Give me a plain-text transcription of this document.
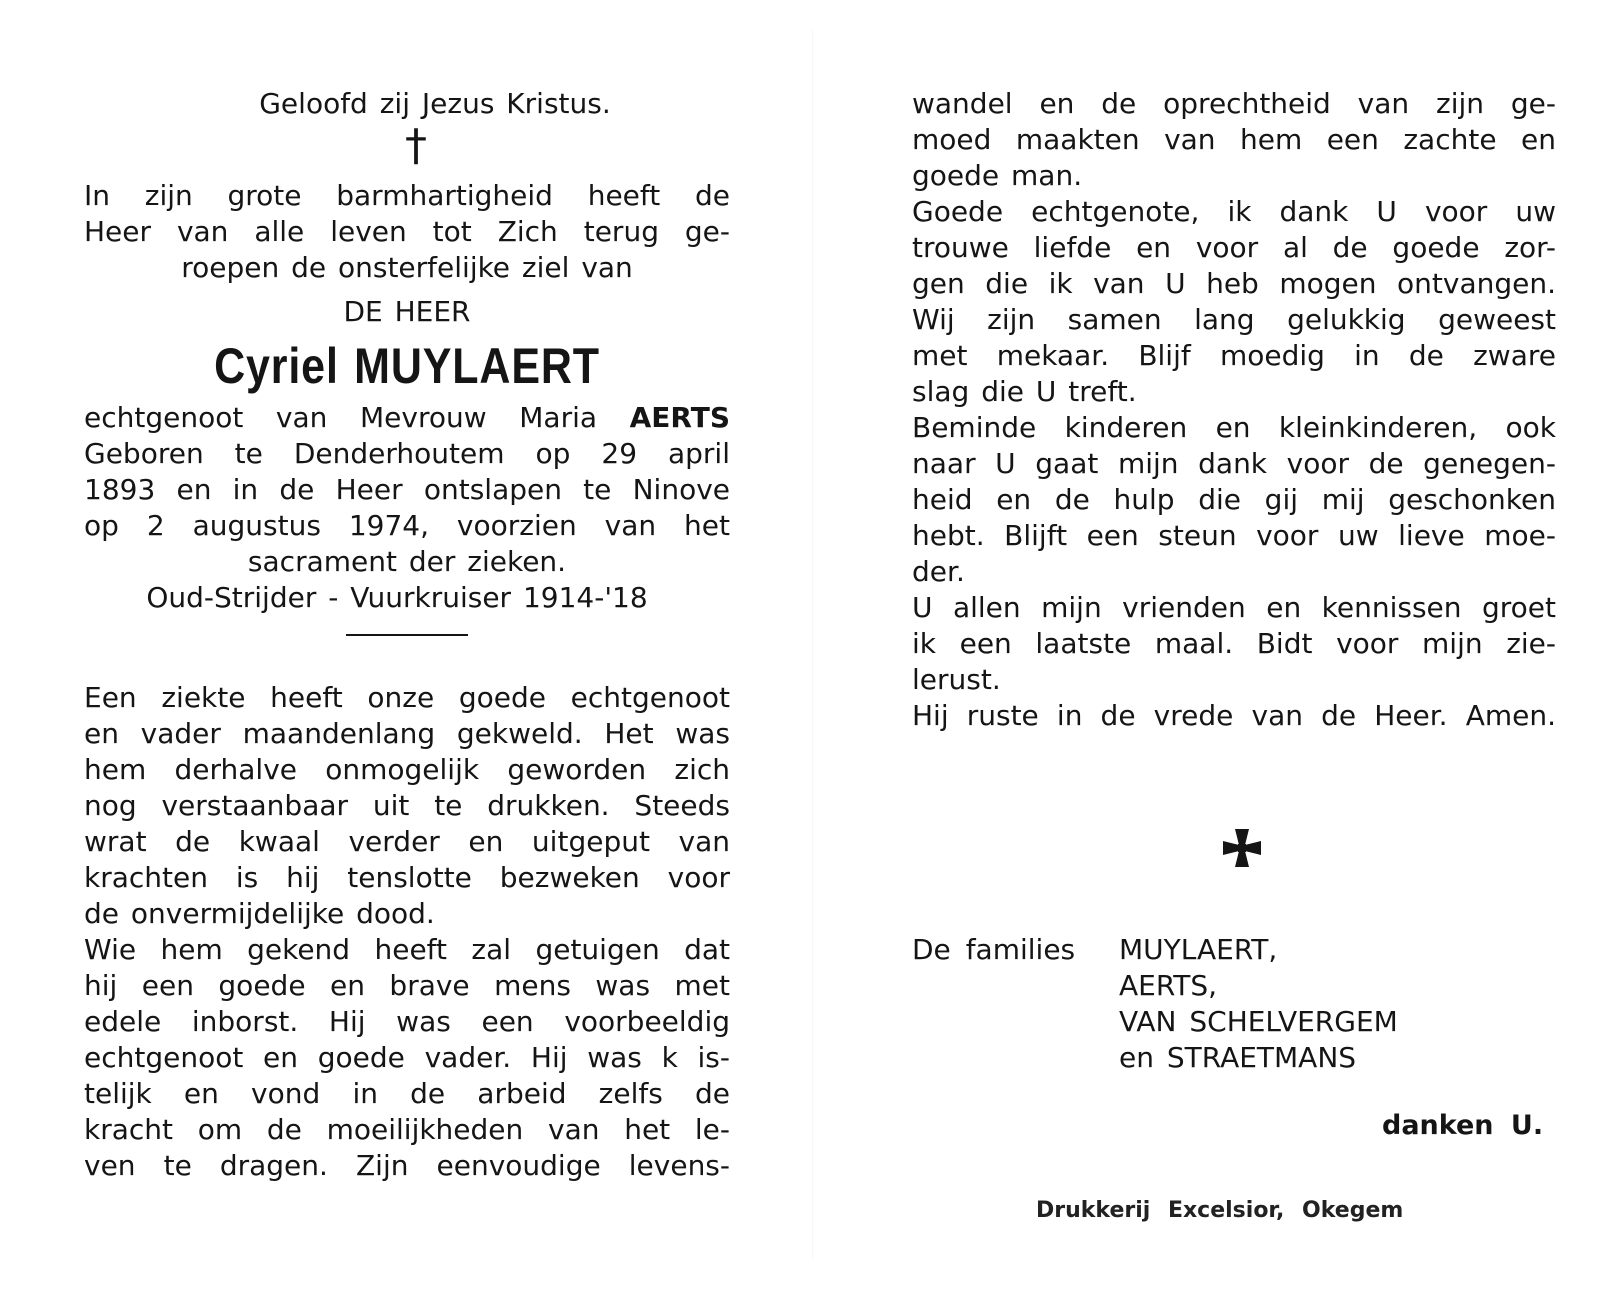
Geloofd zij Jezus Kristus.
†
In zijn grote barmhartigheid heeft de
Heer van alle leven tot Zich terug ge-
roepen de onsterfelijke ziel van
DE HEER
Cyriel MUYLAERT
echtgenoot van Mevrouw Maria AERTS
Geboren te Denderhoutem op 29 april
1893 en in de Heer ontslapen te Ninove
op 2 augustus 1974, voorzien van het
sacrament der zieken.
Oud-Strijder - Vuurkruiser 1914-'18
Een ziekte heeft onze goede echtgenoot
en vader maandenlang gekweld. Het was
hem derhalve onmogelijk geworden zich
nog verstaanbaar uit te drukken. Steeds
wrat de kwaal verder en uitgeput van
krachten is hij tenslotte bezweken voor
de onvermijdelijke dood.
Wie hem gekend heeft zal getuigen dat
hij een goede en brave mens was met
edele inborst. Hij was een voorbeeldig
echtgenoot en goede vader. Hij was k is-
telijk en vond in de arbeid zelfs de
kracht om de moeilijkheden van het le-
ven te dragen. Zijn eenvoudige levens-
wandel en de oprechtheid van zijn ge-
moed maakten van hem een zachte en
goede man.
Goede echtgenote, ik dank U voor uw
trouwe liefde en voor al de goede zor-
gen die ik van U heb mogen ontvangen.
Wij zijn samen lang gelukkig geweest
met mekaar. Blijf moedig in de zware
slag die U treft.
Beminde kinderen en kleinkinderen, ook
naar U gaat mijn dank voor de genegen-
heid en de hulp die gij mij geschonken
hebt. Blijft een steun voor uw lieve moe-
der.
U allen mijn vrienden en kennissen groet
ik een laatste maal. Bidt voor mijn zie-
lerust.
Hij ruste in de vrede van de Heer. Amen.
De families MUYLAERT,
AERTS,
VAN SCHELVERGEM
en STRAETMANS
danken U.
Drukkerij Excelsior, Okegem
